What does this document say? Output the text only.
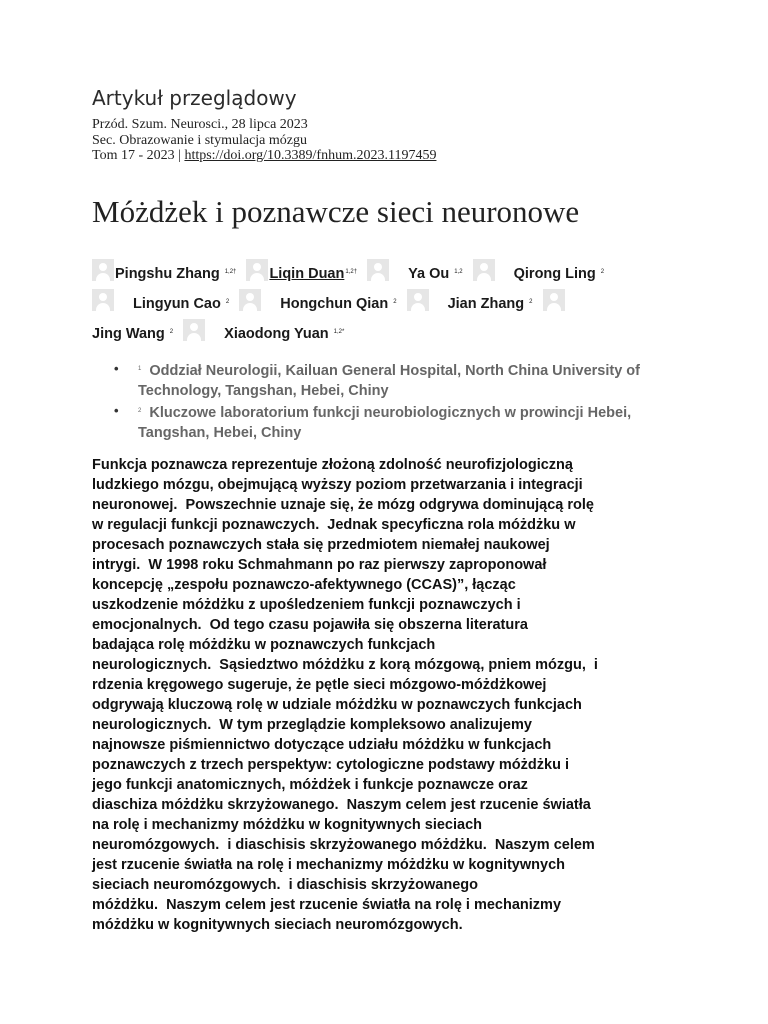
Artykuł przeglądowy
Przód. Szum. Neurosci., 28 lipca 2023
Sec. Obrazowanie i stymulacja mózgu
Tom 17 - 2023 | https://doi.org/10.3389/fnhum.2023.1197459
Móżdżek i poznawcze sieci neuronowe
Pingshu Zhang $^{1,2\dagger}$ Liqin Duan$^{1,2\dagger}$	Ya Ou $^{1,2}$	Qirong Ling $^2$
Lingyun Cao $^2$	Hongchun Qian $^2$	Jian Zhang $^2$
Jing Wang $^2$	Xiaodong Yuan $^{1,2*}$
• $^1$ Oddział Neurologii, Kailuan General Hospital, North China University of Technology, Tangshan, Hebei, Chiny
• $^2$ Kluczowe laboratorium funkcji neurobiologicznych w prowincji Hebei, Tangshan, Hebei, Chiny
Funkcja poznawcza reprezentuje złożoną zdolność neurofizjologiczną
ludzkiego mózgu, obejmującą wyższy poziom przetwarzania i integracji
neuronowej.  Powszechnie uznaje się, że mózg odgrywa dominującą rolę
w regulacji funkcji poznawczych.  Jednak specyficzna rola móżdżku w
procesach poznawczych stała się przedmiotem niemałej naukowej
intrygi.  W 1998 roku Schmahmann po raz pierwszy zaproponował
koncepcję „zespołu poznawczo-afektywnego (CCAS)”, łącząc
uszkodzenie móżdżku z upośledzeniem funkcji poznawczych i
emocjonalnych.  Od tego czasu pojawiła się obszerna literatura
badająca rolę móżdżku w poznawczych funkcjach
neurologicznych.  Sąsiedztwo móżdżku z korą mózgową, pniem mózgu,  i
rdzenia kręgowego sugeruje, że pętle sieci mózgowo-móżdżkowej
odgrywają kluczową rolę w udziale móżdżku w poznawczych funkcjach
neurologicznych.  W tym przeglądzie kompleksowo analizujemy
najnowsze piśmiennictwo dotyczące udziału móżdżku w funkcjach
poznawczych z trzech perspektyw: cytologiczne podstawy móżdżku i
jego funkcji anatomicznych, móżdżek i funkcje poznawcze oraz
diaschiza móżdżku skrzyżowanego.  Naszym celem jest rzucenie światła
na rolę i mechanizmy móżdżku w kognitywnych sieciach
neuromózgowych.  i diaschisis skrzyżowanego móżdżku.  Naszym celem
jest rzucenie światła na rolę i mechanizmy móżdżku w kognitywnych
sieciach neuromózgowych.  i diaschisis skrzyżowanego
móżdżku.  Naszym celem jest rzucenie światła na rolę i mechanizmy
móżdżku w kognitywnych sieciach neuromózgowych.
